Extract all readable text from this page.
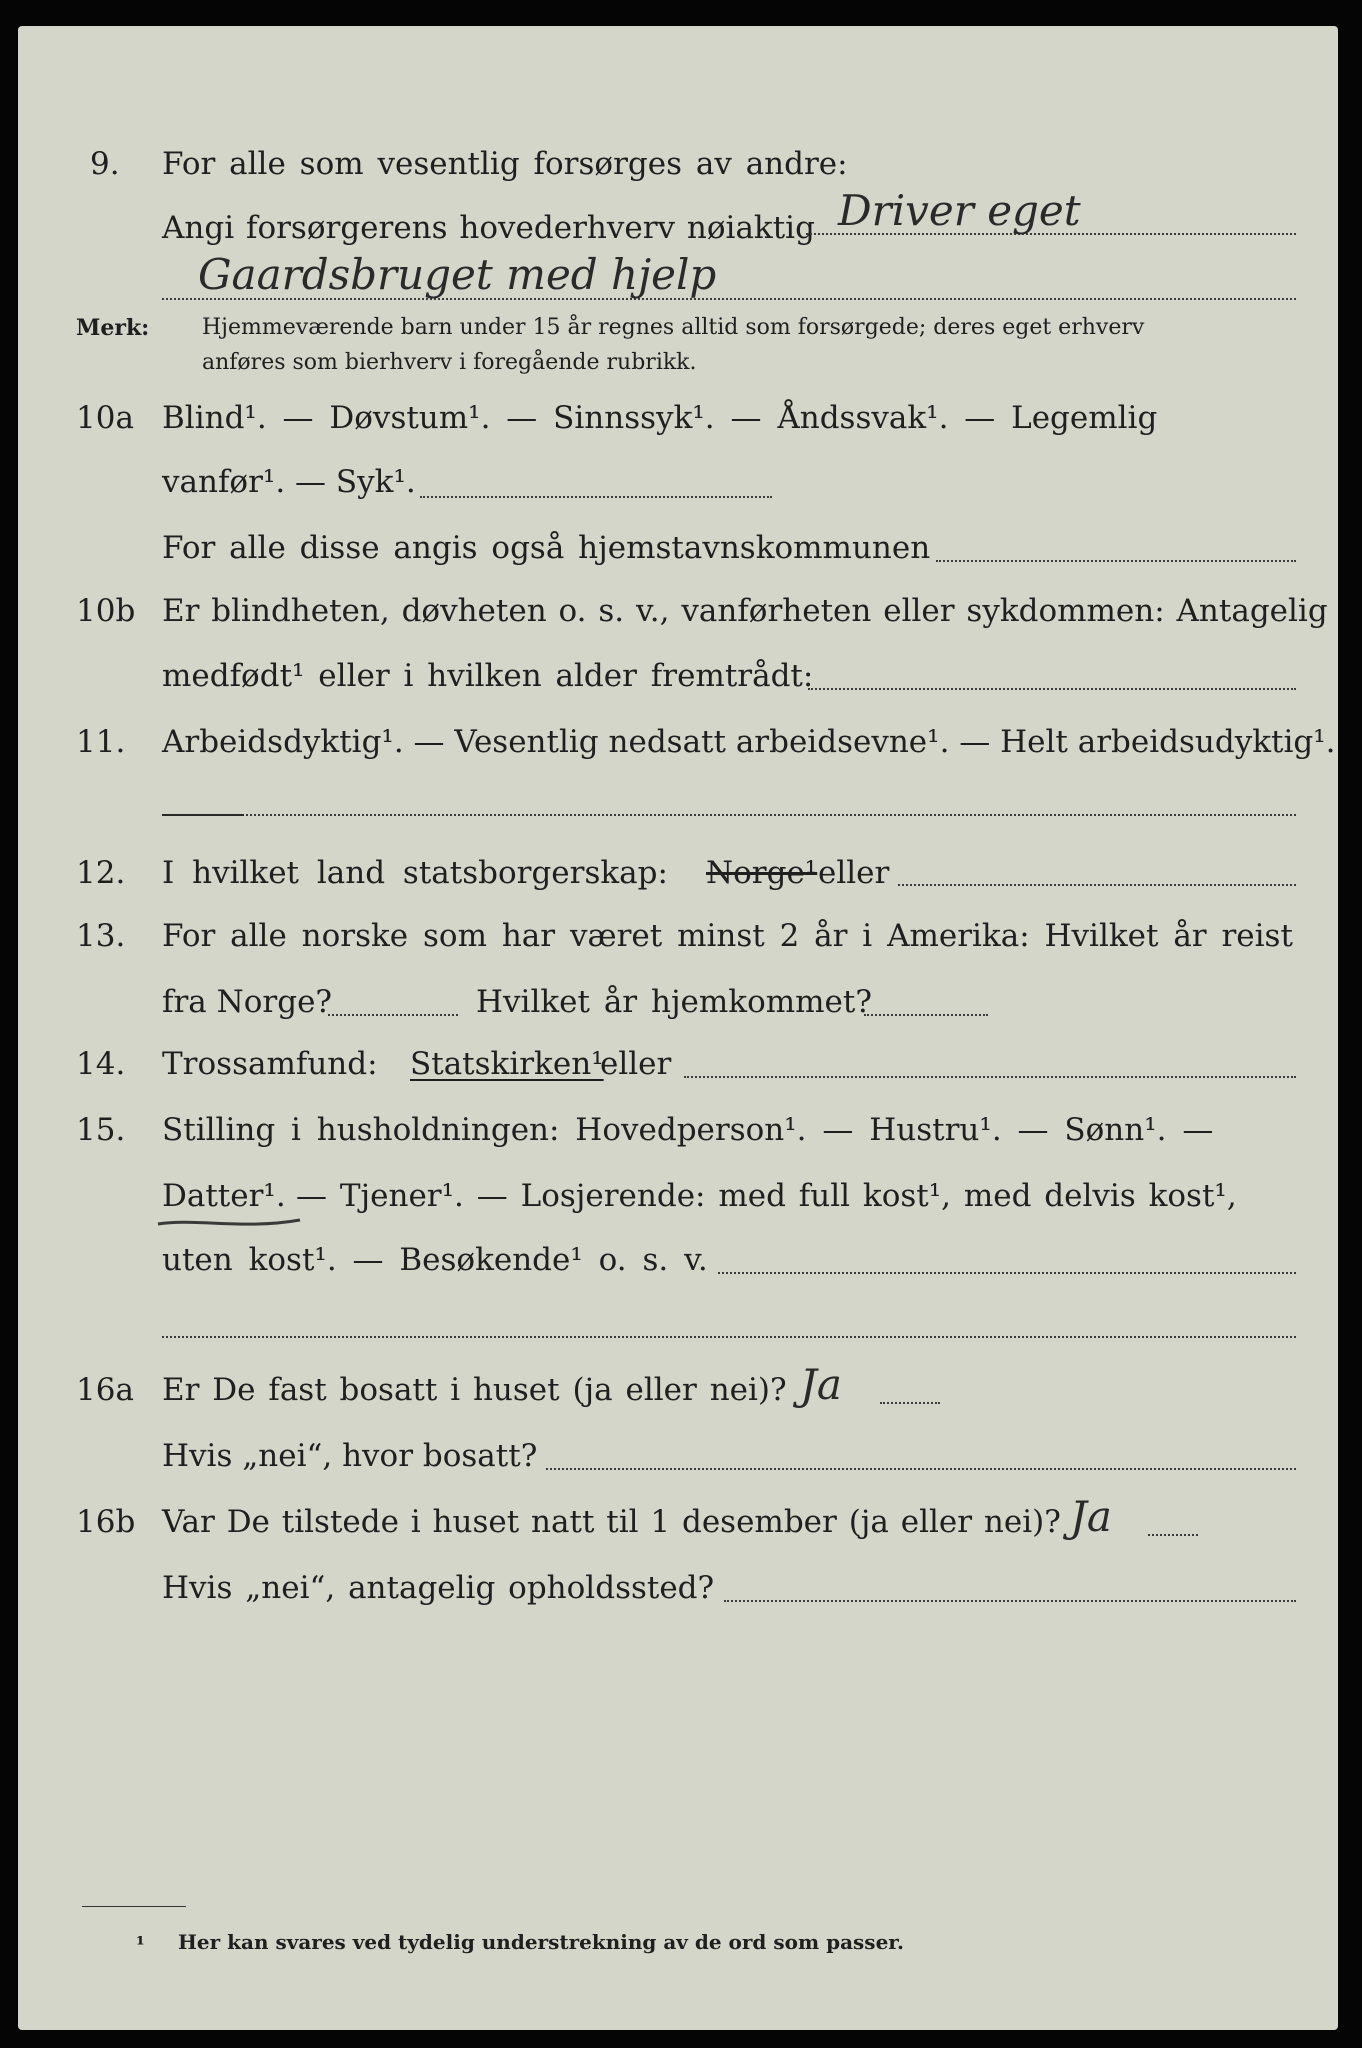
9. For alle som vesentlig forsørges av andre:
Angi forsørgerens hovederhverv nøiaktig Driver eget
Gaardsbruget med hjelp
Merk: Hjemmeværende barn under 15 år regnes alltid som forsørgede; deres eget erhverv
anføres som bierhverv i foregående rubrikk.
10a Blind¹. — Døvstum¹. — Sinnssyk¹. — Åndssvak¹. — Legemlig
vanfør¹. — Syk¹.
For alle disse angis også hjemstavnskommunen
10b Er blindheten, døvheten o. s. v., vanførheten eller sykdommen: Antagelig
medfødt¹ eller i hvilken alder fremtrådt:
11. Arbeidsdyktig¹. — Vesentlig nedsatt arbeidsevne¹. — Helt arbeidsudyktig¹.
12. I hvilket land statsborgerskap: Norge¹ eller
13. For alle norske som har været minst 2 år i Amerika: Hvilket år reist
fra Norge?	Hvilket år hjemkommet?
14. Trossamfund: Statskirken¹
eller
15. Stilling i husholdningen: Hovedperson¹. — Hustru¹. — Sønn¹. —
Datter¹. — Tjener¹. — Losjerende: med full kost¹, med delvis kost¹,
uten kost¹. — Besøkende¹ o. s. v.
16a Er De fast bosatt i huset (ja eller nei)? Ja
Hvis „nei“, hvor bosatt?
16b Var De tilstede i huset natt til 1 desember (ja eller nei)? Ja
Hvis „nei“, antagelig opholdssted?
¹ Her kan svares ved tydelig understrekning av de ord som passer.
